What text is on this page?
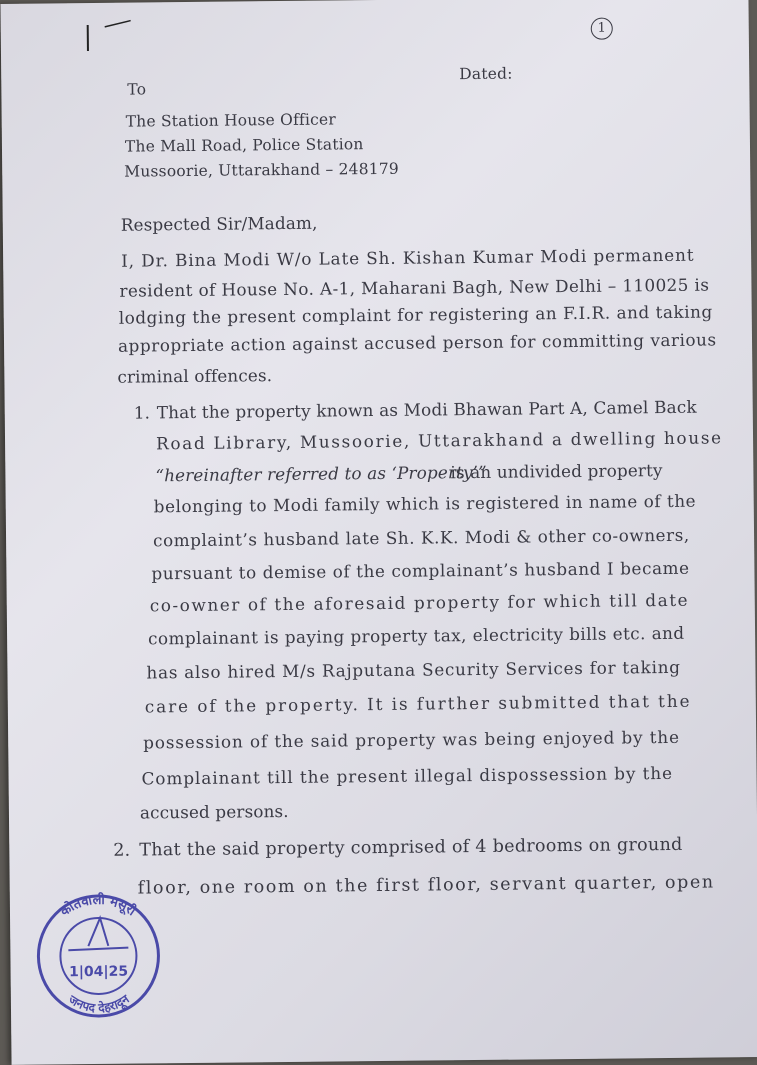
1
To
Dated:
The Station House Officer
The Mall Road, Police Station
Mussoorie, Uttarakhand – 248179
Respected Sir/Madam,
I, Dr. Bina Modi W/o Late Sh. Kishan Kumar Modi permanent
resident of House No. A-1, Maharani Bagh, New Delhi – 110025 is
lodging the present complaint for registering an F.I.R. and taking
appropriate action against accused person for committing various
criminal offences.
1. That the property known as Modi Bhawan Part A, Camel Back
Road Library, Mussoorie, Uttarakhand a dwelling house
“hereinafter referred to as ‘Property’”
is an undivided property
belonging to Modi family which is registered in name of the
complaint’s husband late Sh. K.K. Modi & other co-owners,
pursuant to demise of the complainant’s husband I became
co-owner of the aforesaid property for which till date
complainant is paying property tax, electricity bills etc. and
has also hired M/s Rajputana Security Services for taking
care of the property. It is further submitted that the
possession of the said property was being enjoyed by the
Complainant till the present illegal dispossession by the
accused persons.
2. That the said property comprised of 4 bedrooms on ground
floor, one room on the first floor, servant quarter, open
कोतवाली मसूरी
जनपद देहरादून
1|04|25
